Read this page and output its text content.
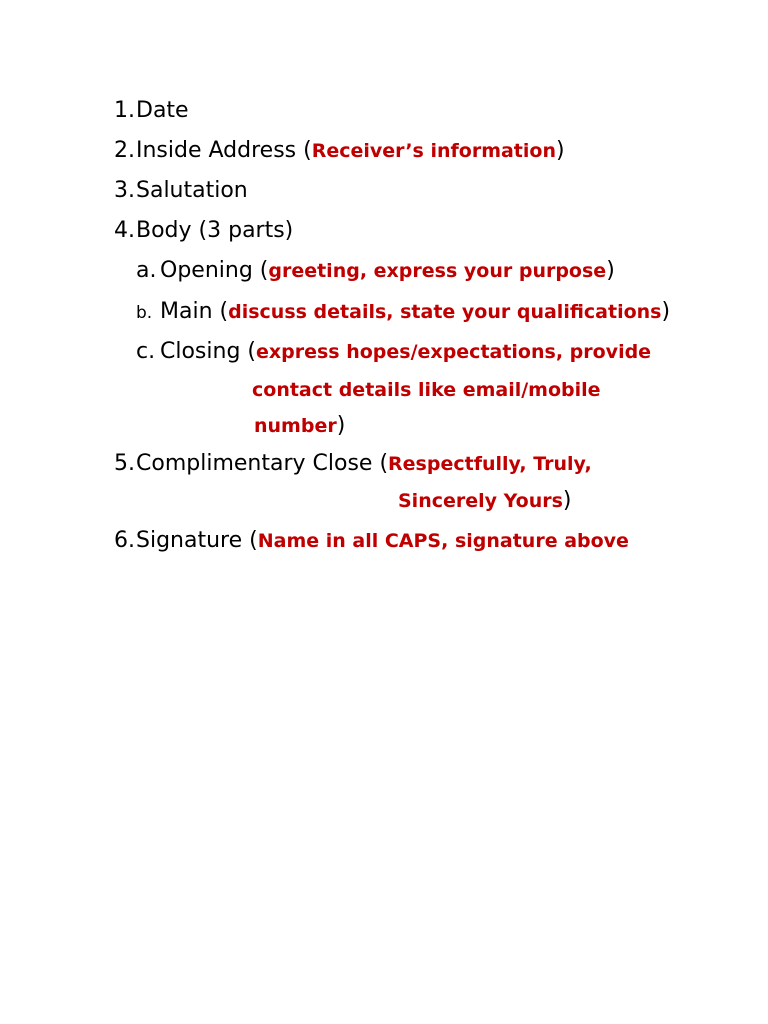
1.Date
2.Inside Address (Receiver’s information)
3.Salutation
4.Body (3 parts)
a. Opening (greeting, express your purpose)
b. Main (discuss details, state your qualifications)
c. Closing (express hopes/expectations, provide
contact details like email/mobile
number)
5.Complimentary Close (Respectfully, Truly,
Sincerely Yours)
6.Signature (Name in all CAPS, signature above
